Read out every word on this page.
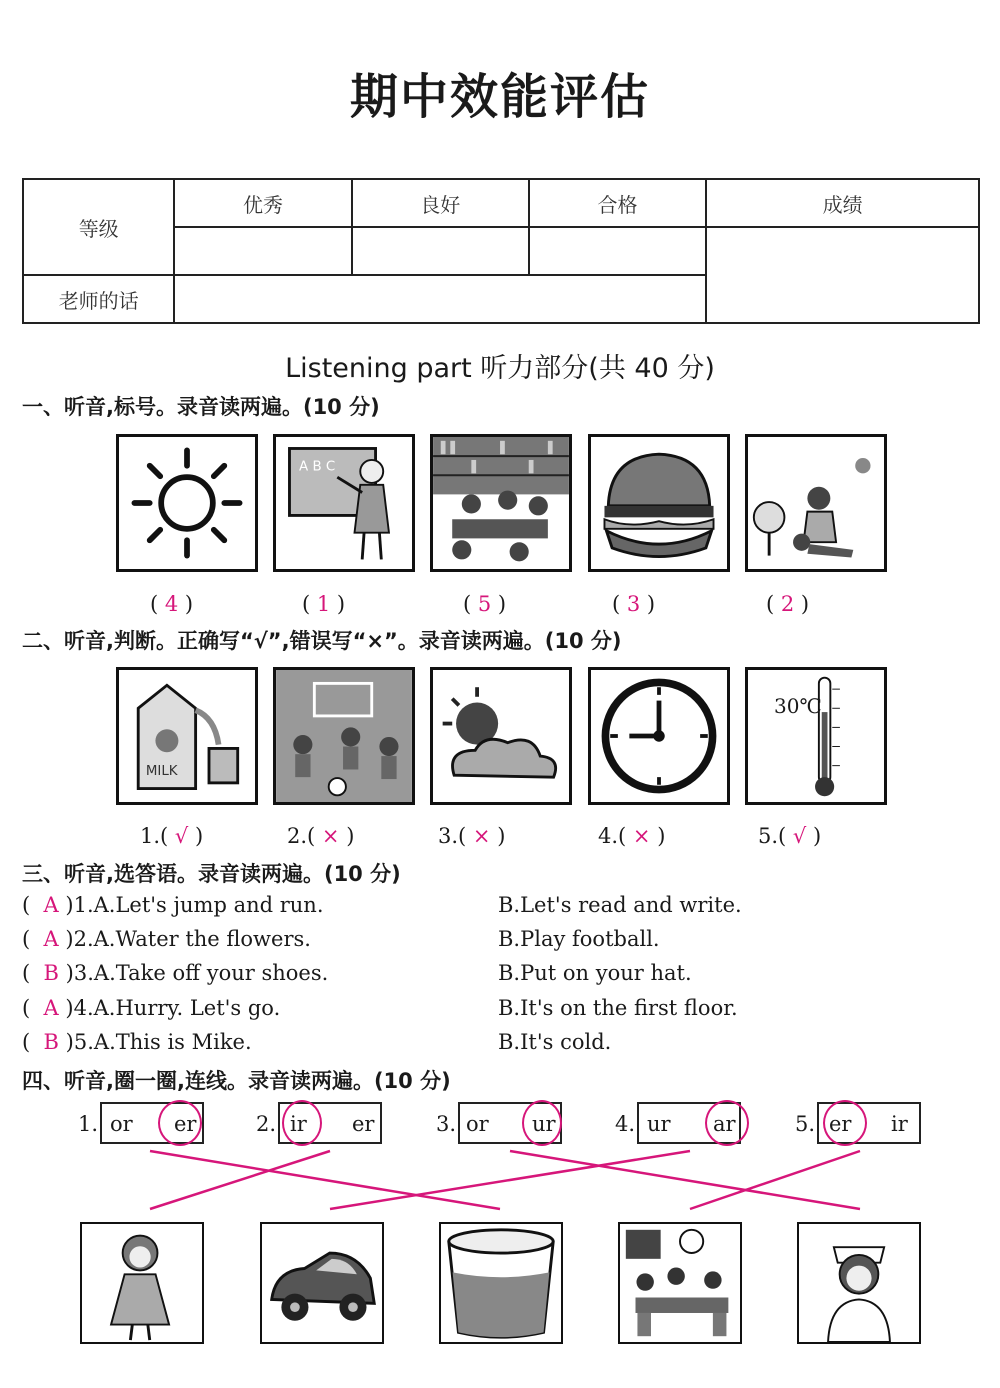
期中效能评估
等级	优秀	良好	合格	成绩

老师的话				
Listening part 听力部分(共 40 分)
一、听音,标号。录音读两遍。(10 分)
A B C
( 4 )	( 1 )	( 5 )	( 3 )	( 2 )
二、听音,判断。正确写“√”,错误写“×”。录音读两遍。(10 分)
MILK
30℃
1.( √ )	2.( × )	3.( × )	4.( × )	5.( √ )
三、听音,选答语。录音读两遍。(10 分)
(  A )1.A.Let's jump and run.	B.Let's read and write.
(  A )2.A.Water the flowers.	B.Play football.
(  B )3.A.Take off your shoes.	B.Put on your hat.
(  A )4.A.Hurry. Let's go.	B.It's on the first floor.
(  B )5.A.This is Mike.	B.It's cold.
四、听音,圈一圈,连线。录音读两遍。(10 分)
1. or er	2. ir er	3. or ur	4. ur ar	5. er ir
